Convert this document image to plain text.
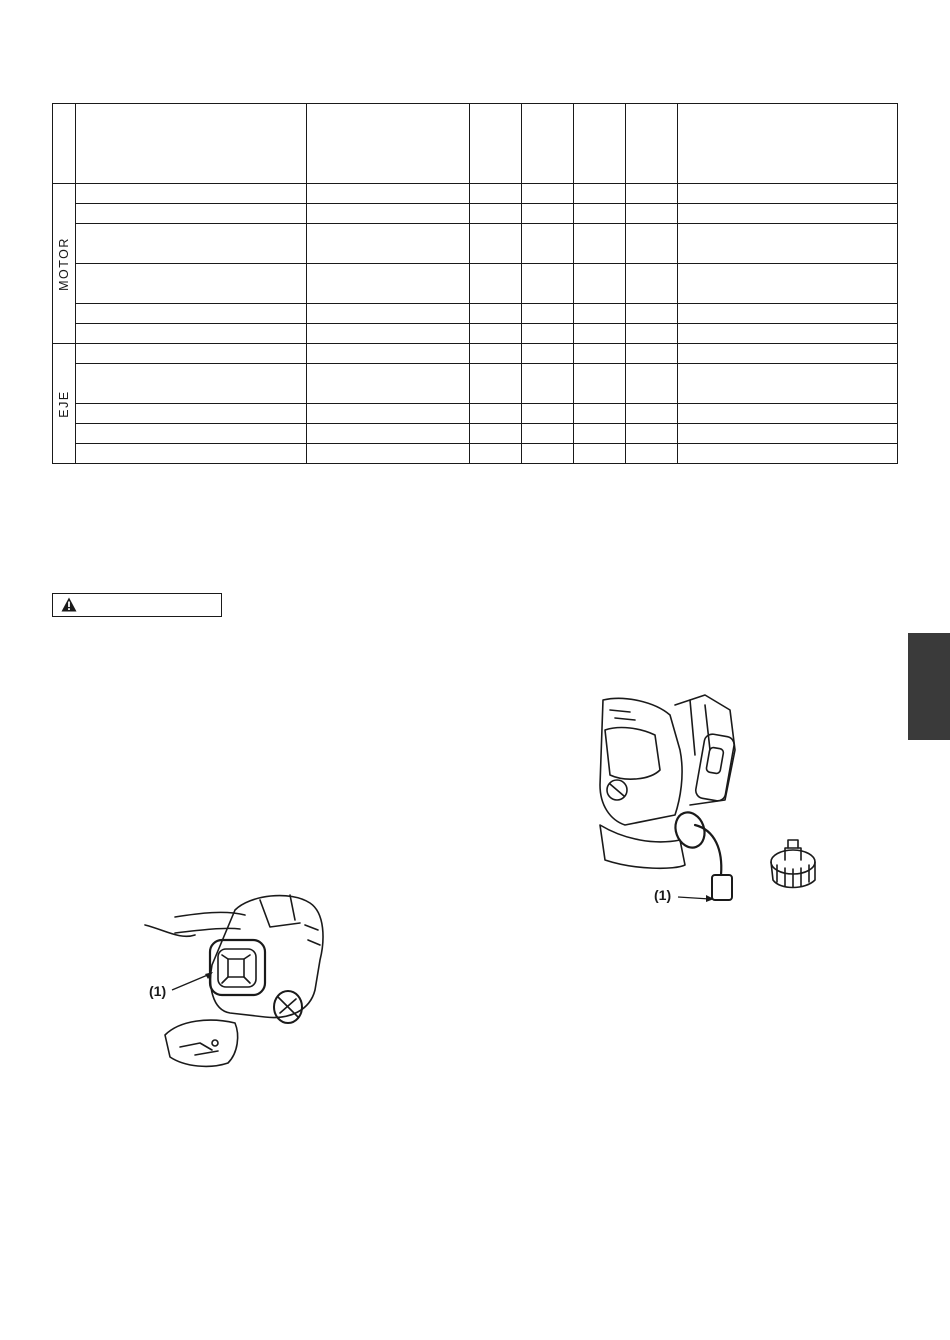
MOTOR							

EJE							

(1)
(1)
